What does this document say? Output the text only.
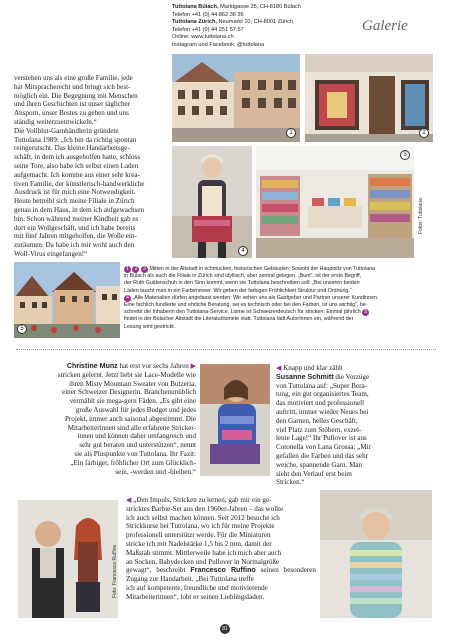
Tuttolana Bülach, Marktgasse 25, CH-8180 Bülach
Telefon +41 (0) 44 862 36 36
Tuttolana Zürich, Neumarkt 10, CH-8001 Zürich
Telefon +41 (0) 44 251 57 57
Online: www.tuttolana.ch
Instagram und Facebook: @tuttolana
Galerie
1	2
4
3
Fotos: Tuttolana
5
verstehen uns als eine große Familie, jede
hat Mitspracherecht und bringt sich best-
möglich ein. Die Begegnung mit Menschen
und ihren Geschichten ist unser täglicher
Ansporn, unser Bestes zu geben und uns
ständig weiterzuentwickeln.“
Die Vollblut-Garnhändlerin gründete
Tuttolana 1989: „Ich bin da richtig spontan
reingerutscht. Das kleine Handarbeitsge-
schäft, in dem ich ausgeholfen hatte, schloss
seine Tore, also habe ich selbst einen Laden
aufgemacht. Ich komme aus einer sehr krea-
tiven Familie, der künstlerisch-handwerkliche
Ausdruck ist für mich eine Notwendigkeit.
Heute betreibt sich meine Filiale in Zürich
genau in dem Haus, in dem ich aufgewachsen
bin. Schon während meiner Kindheit gab es
dort ein Wollgeschäft, und ich habe bereits
mit fünf Jahren mitgeholfen, die Wolle ein-
zuräumen. Da habe ich mir wohl auch den
Woll-Virus eingefangen!“
1 2 3 Mitten in der Altstadt in schmucken, historischen Gebäuden: Sowohl der Hauptsitz von Tuttolana
in Bülach als auch die Filiale in Zürich sind idyllisch, aber zentral gelegen. „Bunt“, ist der erste Begriff,
der Ruth Guldenschuh in den Sinn kommt, wenn sie Tuttolana beschreiben soll: „Bei unseren beiden
Läden taucht man in ein Farbenmeer. Wir geben der farbigen Fröhlichkeit Struktur und Ordnung.“
4 „Alle Materialien dürfen angefasst werden: Wir sehen uns als Gastgeber und Partner unserer Kundinnen.
Eine fachlich fundierte und ehrliche Beratung, sei es technisch oder bei den Farben, ist uns wichtig“, be-
schreibt die Inhaberin den Tuttolana-Service. Lisme ist Schweizerdeutsch für stricken: Einmal jährlich 5
findet in der Bülacher Altstadt die Literaturlismete statt. Tuttolana lädt AutorInnen ein, während der
Lesung wird gestrickt.
Christine Munz hat erst vor sechs Jahren ▶
stricken gelernt. Jetzt liebt sie Lace-Modelle wie
ihren Misty Mountain Sweater von Butzeria,
einer Schweizer Designerin. Branchenunüblich
vermählt sie mega-gern Fäden. „Es gibt eine
große Auswahl für jedes Budget und jedes
Projekt, immer auch saisonal abgestimmt. Die
Mitarbeiterinnen sind alle erfahrene Stricker-
innen und können daher umfangreich und
sehr gut beraten und unterstützen“, nennt
sie als Pluspunkte von Tuttolana. Ihr Fazit:
„Ein farbiger, fröhlicher Ort zum Glücklich-
sein, -werden und -bleiben.“
◀ Knapp und klar zählt
Susanne Schmitt die Vorzüge
von Tuttolana auf: „Super Bera-
tung, ein gut organisiertes Team,
das motiviert und professionell
auftritt, immer wieder Neues bei
den Garnen, helles Geschäft,
viel Platz zum Stöbern, exzel-
lente Lage!“ Ihr Pullover ist aus
Cotonella von Lana Grossa: „Mir
gefallen die Farben und das sehr
weiche, spannende Garn. Man
sieht den Verlauf erst beim
Stricken.“
Foto: Francesco Ruffino
◀ „Den Impuls, Stricken zu lernen, gab mir ein ge-
stricktes Barbie-Set aus den 1960er-Jahren – das wollte
ich auch selbst machen können. Seit 2012 besuche ich
Strickkurse bei Tuttolana, wo ich für meine Projekte
professionell unterstützt werde. Für die Miniaturen
stricke ich mit Nadelstärke 1,5 bis 2 mm, damit der
Maßstab stimmt. Mittlerweile habe ich mich aber auch
an Socken, Babydecken und Pullover in Normalgröße
gewagt“, beschreibt Francesco Ruffino seinen besonderen Zugang zur Handarbeit. „Bei Tuttolana treffe
ich auf kompetente, freundliche und motivierende
Mitarbeiterinnen“, lobt er seinen Lieblingsladen.
81
